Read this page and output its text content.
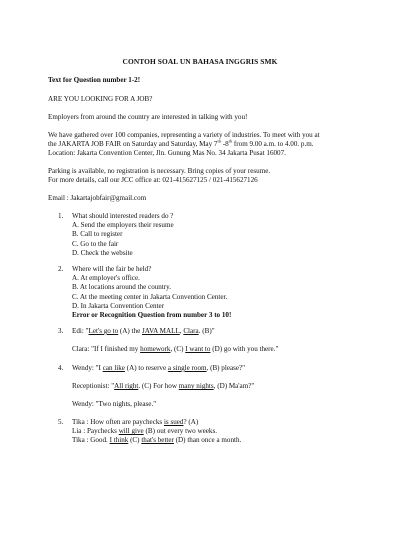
CONTOH SOAL UN BAHASA INGGRIS SMK
Text for Question number 1-2!
ARE YOU LOOKING FOR A JOB?
Employers from around the country are interested in talking with you!
We have gathered over 100 companies, representing a variety of industries. To meet with you at
the JAKARTA JOB FAIR on Saturday and Saturday, May 7th -8th from 9.00 a.m. to 4.00. p.m.
Location: Jakarta Convention Center, Jln. Gunung Mas No. 34 Jakarta Pusat 16007.
Parking is available, no registration is necessary. Bring copies of your resume.
For more details, call our JCC office at: 021-415627125 / 021-415627126
Email : Jakartajobfair@gmail.com
1.	What should interested readers do ?
A. Send the employers their resume
B. Call to register
C. Go to the fair
D. Check the website
2.	Where will the fair be held?
A. At employer's office.
B. At locations around the country.
C. At the meeting center in Jakarta Convention Center.
D. In Jakarta Convention Center
Error or Recognition Question from number 3 to 10!
3.	Edi: "Let's go to (A) the JAVA MALL, Clara. (B)"
Clara: "If I finished my homework, (C) I want to (D) go with you there."
4.	Wendy: "I can like (A) to reserve a single room, (B) please?"
Receptionist: "All right. (C) For how many nights, (D) Ma'am?"
Wendy: "Two nights, please."
5.	Tika : How often are paychecks is sued? (A)
Lia : Paychecks will give (B) out every two weeks.
Tika : Good. I think (C) that's better (D) than once a month.
